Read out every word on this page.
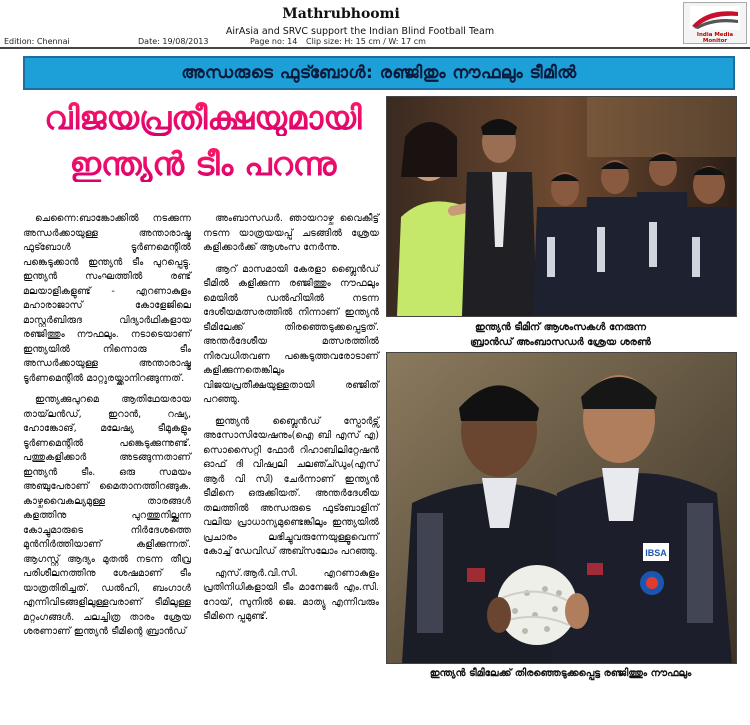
Mathrubhoomi
AirAsia and SRVC support the Indian Blind Football Team
Edition: Chennai	Date: 19/08/2013	Page no: 14 Clip size: H: 15 cm / W: 17 cm
India Media Monitor
അന്ധരുടെ ഫുട്ബോൾ: രഞ്ജിതും നൗഫലും ടീമിൽ
വിജയപ്രതീക്ഷയുമായി
ഇന്ത്യൻ ടീം പറന്നു

ചെന്നൈ:ബാങ്കോക്കിൽ നടക്കുന്ന അന്ധർക്കായുള്ള അന്താരാഷ്ട്ര ഫുട്ബോൾ ടൂർണമെന്റിൽ പങ്കെടുക്കാൻ ഇന്ത്യൻ ടീം പുറപ്പെട്ടു. ഇന്ത്യൻ സംഘത്തിൽ രണ്ട് മലയാളികളുണ്ട് - എറണാകുളം മഹാരാജാസ് കോളേജിലെ മാസ്റ്റർബിരുദ വിദ്യാർഥികളായ രഞ്ജിത്തും നൗഫലും. നടാടെയാണ് ഇന്ത്യയിൽ നിന്നൊരു ടീം അന്ധർക്കായുള്ള അന്താരാഷ്ട്ര ടൂർണമെന്റിൽ മാറ്റുരയ്ക്കാനിറങ്ങുന്നത്.

ഇന്ത്യക്കുപുറമെ ആതിഥേയരായ തായ്‌ലൻഡ്, ഇറാൻ, റഷ്യ, ഹോങ്കോങ്, മലേഷ്യ ടീമുകളും ടൂർണമെന്റിൽ പങ്കെടുക്കുന്നുണ്ട്. പത്തുകളിക്കാർ അടങ്ങുന്നതാണ് ഇന്ത്യൻ ടീം. ഒരു സമയം അഞ്ചുപേരാണ് മൈതാനത്തിറങ്ങുക. കാഴ്ചവൈകല്യമുള്ള താരങ്ങൾ കളത്തിനു പുറത്തുനില്ക്കുന്ന കോച്ചുമാരുടെ നിർദേശത്തെ മുൻനിർത്തിയാണ് കളിക്കുന്നത്. ആഗസ്റ്റ് ആദ്യം മുതൽ നടന്ന തീവ്ര പരിശീലനത്തിനു ശേഷമാണ് ടീം യാത്രതിരിച്ചത്. ഡൽഹി, ബംഗാൾ എന്നിവിടങ്ങളിലുള്ളവരാണ് ടീമിലുള്ള മറ്റംഗങ്ങൾ. ചലച്ചിത്ര താരം ശ്രേയ ശരണാണ് ഇന്ത്യൻ ടീമിന്റെ ബ്രാൻഡ്

അംബാസഡർ. ഞായറാഴ്ച വൈകീട്ട് നടന്ന യാത്രയയപ്പ് ചടങ്ങിൽ ശ്രേയ കളിക്കാർക്ക് ആശംസ നേർന്നു.

ആറ് മാസമായി കേരളാ ബ്ലൈൻഡ് ടീമിൽ കളിക്കുന്ന രഞ്ജിത്തും നൗഫലും മെയിൽ ഡൽഹിയിൽ നടന്ന ദേശീയമത്സരത്തിൽ നിന്നാണ് ഇന്ത്യൻ ടീമിലേക്ക് തിരഞ്ഞെടുക്കപ്പെട്ടത്. അന്തർദേശീയ മത്സരത്തിൽ നിരവധിതവണ പങ്കെടുത്തവരോടാണ് കളിക്കുന്നതെങ്കിലും വിജയപ്രതീക്ഷയുള്ളതായി രഞ്ജിത് പറഞ്ഞു.

ഇന്ത്യൻ ബ്ലൈൻഡ് സ്പോർട്സ് അസോസിയേഷനും(ഐ ബി എസ് എ) സൊസൈറ്റി ഫോർ റിഹാബിലിറ്റേഷൻ ഓഫ് ദി വിഷ്വലി ചലഞ്ച്ഡും(എസ് ആർ വി സി) ചേർന്നാണ് ഇന്ത്യൻ ടീമിനെ ഒരുക്കിയത്. അന്തർദേശീയ തലത്തിൽ അന്ധരുടെ ഫുട്ബോളിന് വലിയ പ്രാധാന്യമുണ്ടെങ്കിലും ഇന്ത്യയിൽ പ്രചാരം ലഭിച്ചുവരുന്നേയുള്ളൂവെന്ന് കോച്ച് ഡേവിഡ് അബ്സലോം പറഞ്ഞു.

എസ്.ആർ.വി.സി. എറണാകുളം പ്രതിനിധികളായി ടീം മാനേജർ എം.സി. റോയ്, സുനിൽ ജെ. മാത്യു എന്നിവരും ടീമിനെ പ്പമുണ്ട്.

ഇന്ത്യൻ ടീമിന് ആശംസകൾ നേരുന്ന
ബ്രാൻഡ് അംബാസഡർ ശ്രേയ ശരൺ
IBSA
ഇന്ത്യൻ ടീമിലേക്ക് തിരഞ്ഞെടുക്കപ്പെട്ട രഞ്ജിത്തും നൗഫലും
